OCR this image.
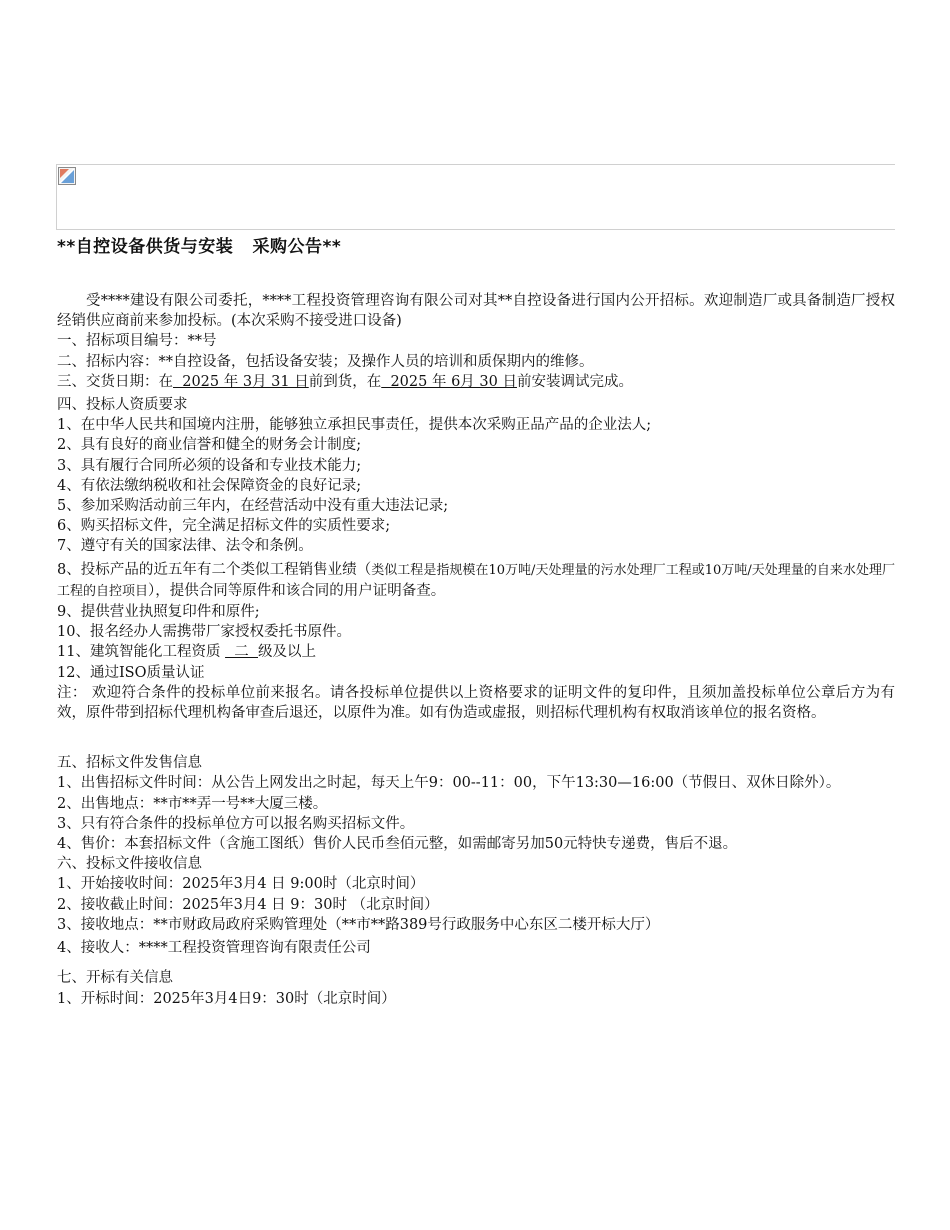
**自控设备供货与安装   采购公告**

受****建设有限公司委托，****工程投资管理咨询有限公司对其**自控设备进行国内公开招标。欢迎制造厂或具备制造厂授权经销供应商前来参加投标。(本次采购不接受进口设备)

一、招标项目编号：**号

二、招标内容：**自控设备，包括设备安装；及操作人员的培训和质保期内的维修。

三、交货日期：在  2025 年 3月 31 日前到货，在  2025 年 6月 30 日前安装调试完成。

四、投标人资质要求

1、在中华人民共和国境内注册，能够独立承担民事责任，提供本次采购正品产品的企业法人;

2、具有良好的商业信誉和健全的财务会计制度;

3、具有履行合同所必须的设备和专业技术能力;

4、有依法缴纳税收和社会保障资金的良好记录;

5、参加采购活动前三年内，在经营活动中没有重大违法记录;

6、购买招标文件，完全满足招标文件的实质性要求;

7、遵守有关的国家法律、法令和条例。

8、投标产品的近五年有二个类似工程销售业绩（类似工程是指规模在10万吨/天处理量的污水处理厂工程或10万吨/天处理量的自来水处理厂工程的自控项目），提供合同等原件和该合同的用户证明备查。

9、提供营业执照复印件和原件;

10、报名经办人需携带厂家授权委托书原件。

11、建筑智能化工程资质   二  级及以上

12、通过ISO质量认证

注： 欢迎符合条件的投标单位前来报名。请各投标单位提供以上资格要求的证明文件的复印件，且须加盖投标单位公章后方为有效，原件带到招标代理机构备审查后退还，以原件为准。如有伪造或虚报，则招标代理机构有权取消该单位的报名资格。

五、招标文件发售信息

1、出售招标文件时间：从公告上网发出之时起，每天上午9：00--11：00，下午13:30—16:00（节假日、双休日除外）。

2、出售地点：**市**弄一号**大厦三楼。

3、只有符合条件的投标单位方可以报名购买招标文件。

4、售价：本套招标文件（含施工图纸）售价人民币叁佰元整，如需邮寄另加50元特快专递费，售后不退。

六、投标文件接收信息

1、开始接收时间：2025年3月4 日 9:00时（北京时间）

2、接收截止时间：2025年3月4 日 9：30时 （北京时间）

3、接收地点：**市财政局政府采购管理处（**市**路389号行政服务中心东区二楼开标大厅）

4、接收人：****工程投资管理咨询有限责任公司

七、开标有关信息

1、开标时间：2025年3月4日9：30时（北京时间）
